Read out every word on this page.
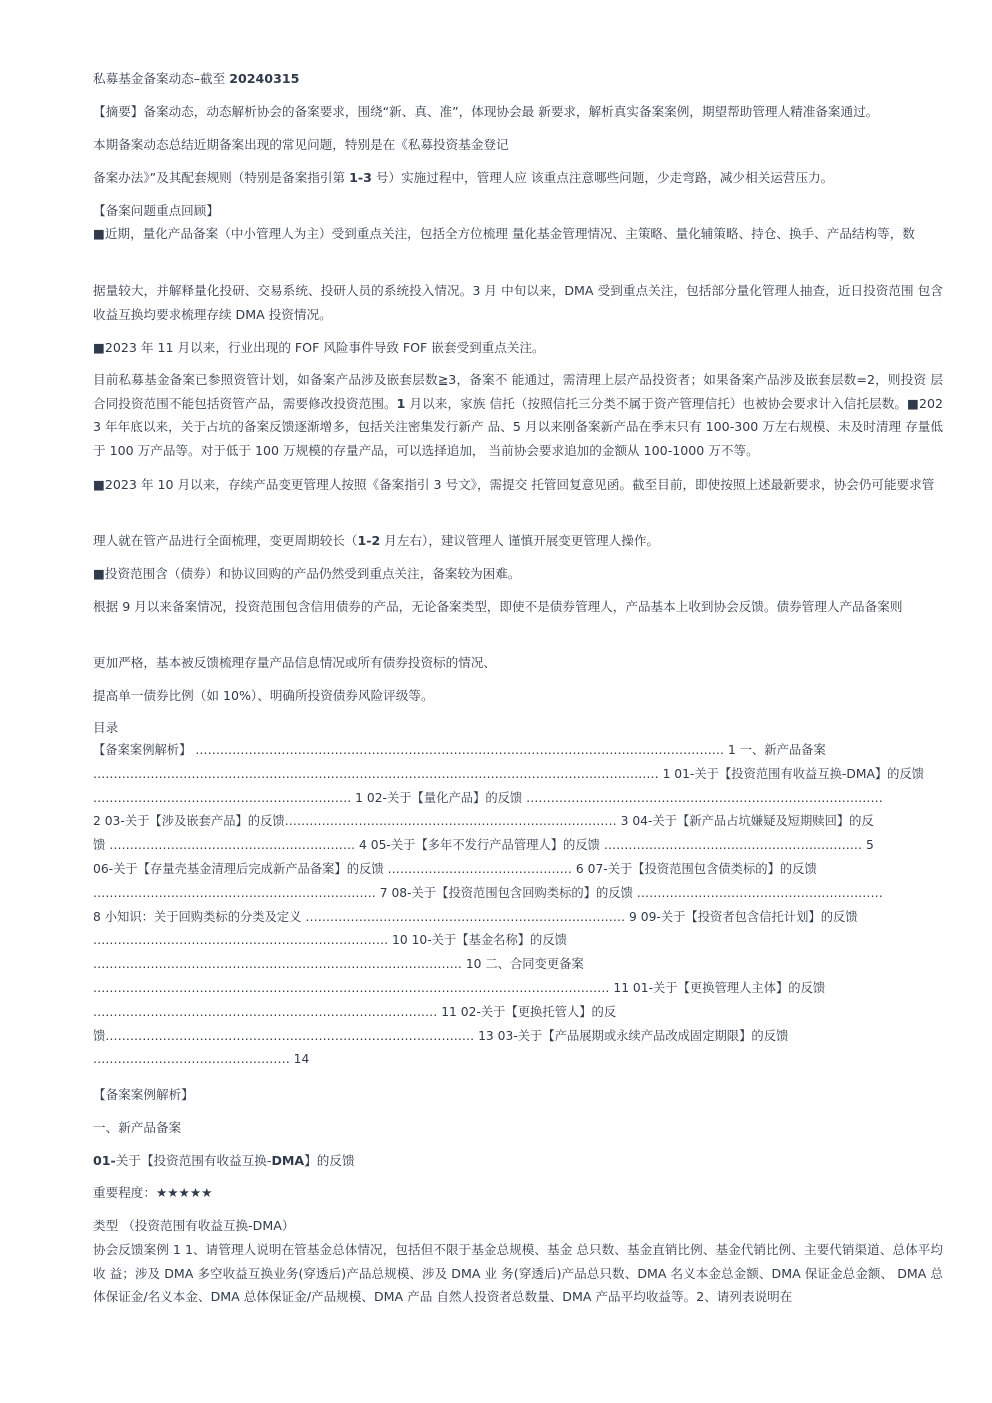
私募基金备案动态–截至 20240315

【摘要】备案动态，动态解析协会的备案要求，围绕“新、真、准”，体现协会最 新要求，解析真实备案案例，期望帮助管理人精准备案通过。

本期备案动态总结近期备案出现的常见问题，特别是在《私募投资基金登记

备案办法》”及其配套规则（特别是备案指引第 1-3 号）实施过程中，管理人应 该重点注意哪些问题，少走弯路，减少相关运营压力。

【备案问题重点回顾】

■近期，量化产品备案（中小管理人为主）受到重点关注，包括全方位梳理 量化基金管理情况、主策略、量化辅策略、持仓、换手、产品结构等，数

据量较大，并解释量化投研、交易系统、投研人员的系统投入情况。3 月 中旬以来，DMA 受到重点关注，包括部分量化管理人抽查，近日投资范围 包含收益互换均要求梳理存续 DMA 投资情况。

■2023 年 11 月以来，行业出现的 FOF 风险事件导致 FOF 嵌套受到重点关注。

目前私募基金备案已参照资管计划，如备案产品涉及嵌套层数≧3，备案不 能通过，需清理上层产品投资者；如果备案产品涉及嵌套层数=2，则投资 层合同投资范围不能包括资管产品，需要修改投资范围。1 月以来，家族 信托（按照信托三分类不属于资产管理信托）也被协会要求计入信托层数。■2023 年年底以来，关于占坑的备案反馈逐渐增多，包括关注密集发行新产 品、5 月以来刚备案新产品在季末只有 100-300 万左右规模、未及时清理 存量低于 100 万产品等。对于低于 100 万规模的存量产品，可以选择追加， 当前协会要求追加的金额从 100-1000 万不等。

■2023 年 10 月以来，存续产品变更管理人按照《备案指引 3 号文》，需提交 托管回复意见函。截至目前，即使按照上述最新要求，协会仍可能要求管

理人就在管产品进行全面梳理，变更周期较长（1-2 月左右），建议管理人 谨慎开展变更管理人操作。

■投资范围含（债券）和协议回购的产品仍然受到重点关注，备案较为困难。

根据 9 月以来备案情况，投资范围包含信用债券的产品，无论备案类型，即使不是债券管理人，产品基本上收到协会反馈。债券管理人产品备案则

更加严格，基本被反馈梳理存量产品信息情况或所有债券投资标的情况、

提高单一债券比例（如 10%）、明确所投资债券风险评级等。

目录

【备案案例解析】 ………………………………………………………………………………………………………………… 1 一、新产品备案
………………………………………………………………………………………………………………………… 1 01-关于【投资范围有收益互换-DMA】的反馈
……………………………………………………… 1 02-关于【量化产品】的反馈 ……………………………………………………………………………
2 03-关于【涉及嵌套产品】的反馈……………………………………………………………………… 3 04-关于【新产品占坑嫌疑及短期赎回】的反
馈 …………………………………………………… 4 05-关于【多年不发行产品管理人】的反馈 ……………………………………………………… 5
06-关于【存量壳基金清理后完成新产品备案】的反馈 ……………………………………… 6 07-关于【投资范围包含债类标的】的反馈
…………………………………………………………… 7 08-关于【投资范围包含回购类标的】的反馈 ……………………………………………………
8 小知识：关于回购类标的分类及定义 …………………………………………………………………… 9 09-关于【投资者包含信托计划】的反馈
……………………………………………………………… 10 10-关于【基金名称】的反馈
……………………………………………………………………………… 10 二、合同变更备案
……………………………………………………………………………………………………………… 11 01-关于【更换管理人主体】的反馈
………………………………………………………………………… 11 02-关于【更换托管人】的反
馈……………………………………………………………………………… 13 03-关于【产品展期或永续产品改成固定期限】的反馈
………………………………………… 14

【备案案例解析】

一、新产品备案

01-关于【投资范围有收益互换-DMA】的反馈

重要程度：★★★★★

类型 （投资范围有收益互换-DMA）

协会反馈案例 1 1、请管理人说明在管基金总体情况，包括但不限于基金总规模、基金 总只数、基金直销比例、基金代销比例、主要代销渠道、总体平均收 益；涉及 DMA 多空收益互换业务(穿透后)产品总规模、涉及 DMA 业 务(穿透后)产品总只数、DMA 名义本金总金额、DMA 保证金总金额、 DMA 总体保证金/名义本金、DMA 总体保证金/产品规模、DMA 产品 自然人投资者总数量、DMA 产品平均收益等。2、请列表说明在
